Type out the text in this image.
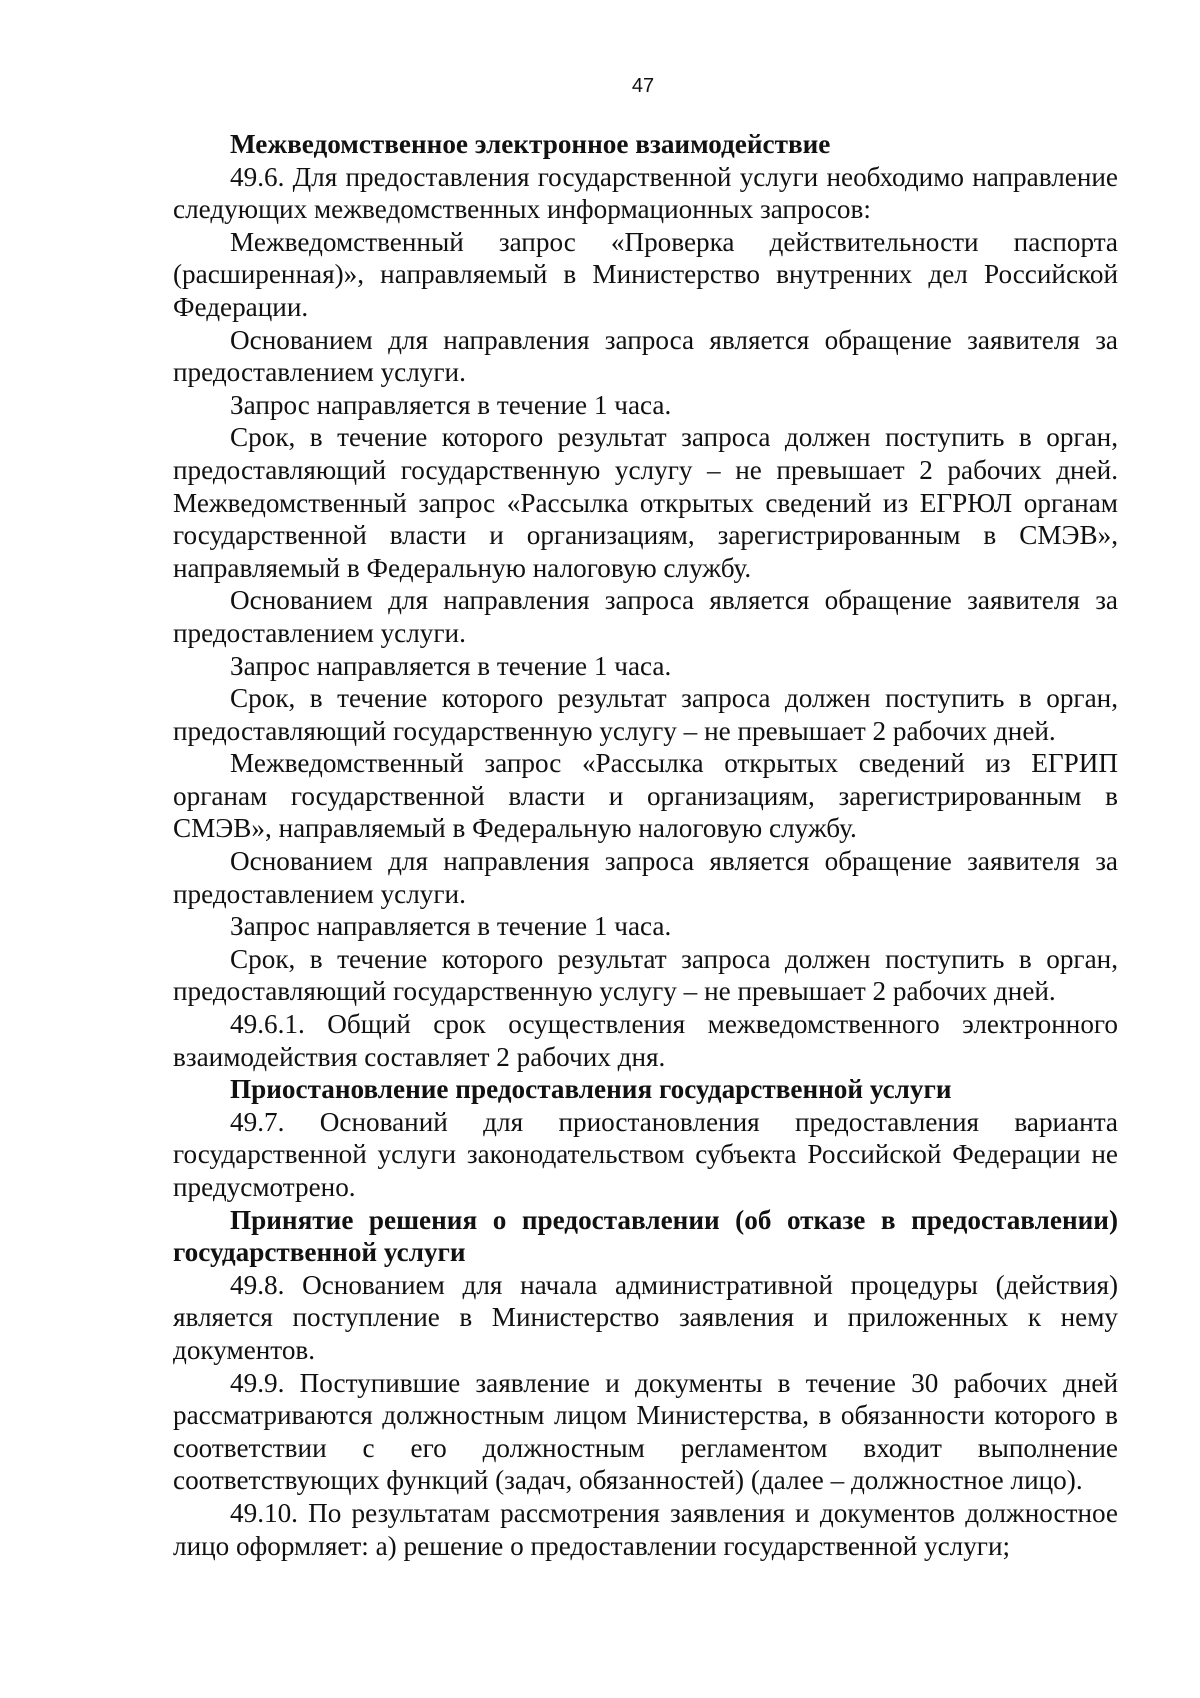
47

Межведомственное электронное взаимодействие

49.6. Для предоставления государственной услуги необходимо направление следующих межведомственных информационных запросов:

Межведомственный запрос «Проверка действительности паспорта (расширенная)», направляемый в Министерство внутренних дел Российской Федерации.

Основанием для направления запроса является обращение заявителя за предоставлением услуги.

Запрос направляется в течение 1 часа.

Срок, в течение которого результат запроса должен поступить в орган, предоставляющий государственную услугу – не превышает 2 рабочих дней. Межведомственный запрос «Рассылка открытых сведений из ЕГРЮЛ органам государственной власти и организациям, зарегистрированным в СМЭВ», направляемый в Федеральную налоговую службу.

Основанием для направления запроса является обращение заявителя за предоставлением услуги.

Запрос направляется в течение 1 часа.

Срок, в течение которого результат запроса должен поступить в орган, предоставляющий государственную услугу – не превышает 2 рабочих дней.

Межведомственный запрос «Рассылка открытых сведений из ЕГРИП органам государственной власти и организациям, зарегистрированным в СМЭВ», направляемый в Федеральную налоговую службу.

Основанием для направления запроса является обращение заявителя за предоставлением услуги.

Запрос направляется в течение 1 часа.

Срок, в течение которого результат запроса должен поступить в орган, предоставляющий государственную услугу – не превышает 2 рабочих дней.

49.6.1. Общий срок осуществления межведомственного электронного взаимодействия составляет 2 рабочих дня.

Приостановление предоставления государственной услуги

49.7. Оснований для приостановления предоставления варианта государственной услуги законодательством субъекта Российской Федерации не предусмотрено.

Принятие решения о предоставлении (об отказе в предоставлении) государственной услуги

49.8. Основанием для начала административной процедуры (действия) является поступление в Министерство заявления и приложенных к нему документов.

49.9. Поступившие заявление и документы в течение 30 рабочих дней рассматриваются должностным лицом Министерства, в обязанности которого в соответствии с его должностным регламентом входит выполнение соответствующих функций (задач, обязанностей) (далее – должностное лицо).

49.10. По результатам рассмотрения заявления и документов должностное лицо оформляет: а) решение о предоставлении государственной услуги;
